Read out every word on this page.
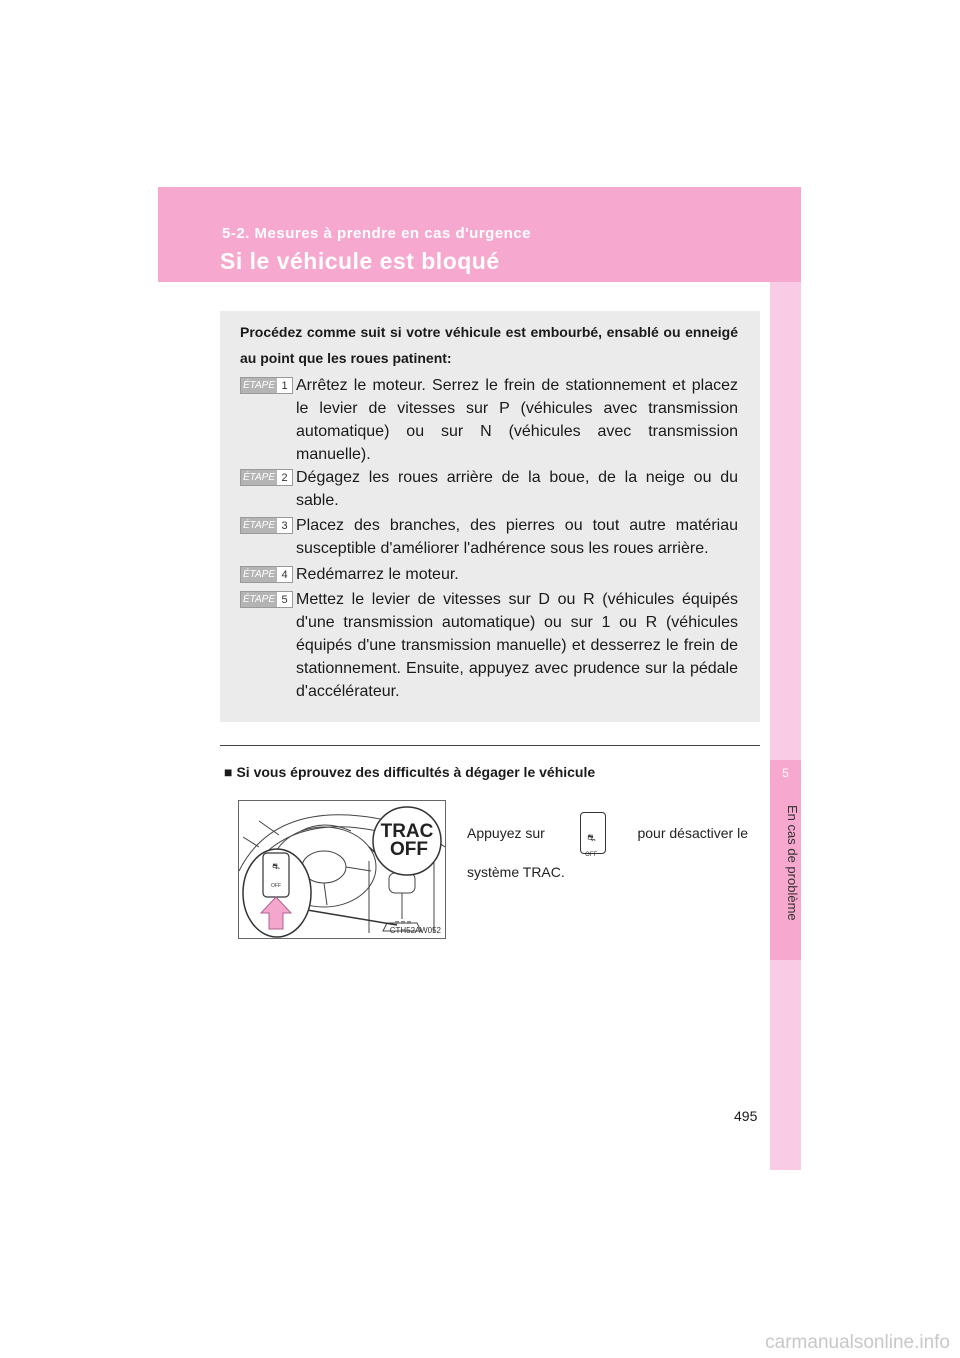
5-2. Mesures à prendre en cas d'urgence
Si le véhicule est bloqué
5
En cas de problème
Procédez comme suit si votre véhicule est embourbé, ensablé ou enneigé au point que les roues patinent:
ÉTAPE 1 Arrêtez le moteur. Serrez le frein de stationnement et placez le levier de vitesses sur P (véhicules avec transmission automatique) ou sur N (véhicules avec transmission manuelle).
ÉTAPE 2 Dégagez les roues arrière de la boue, de la neige ou du sable.
ÉTAPE 3 Placez des branches, des pierres ou tout autre matériau susceptible d'améliorer l'adhérence sous les roues arrière.
ÉTAPE 4 Redémarrez le moteur.
ÉTAPE 5 Mettez le levier de vitesses sur D ou R (véhicules équipés d'une transmission automatique) ou sur 1 ou R (véhicules équipés d'une transmission manuelle) et desserrez le frein de stationnement. Ensuite, appuyez avec prudence sur la pédale d'accélérateur.
■ Si vous éprouvez des difficultés à dégager le véhicule
TRAC
OFF
⛐
OFF
CTH52AW052
Appuyez sur	⛐
OFF
pour désactiver le
système TRAC.
495
carmanualsonline.info
